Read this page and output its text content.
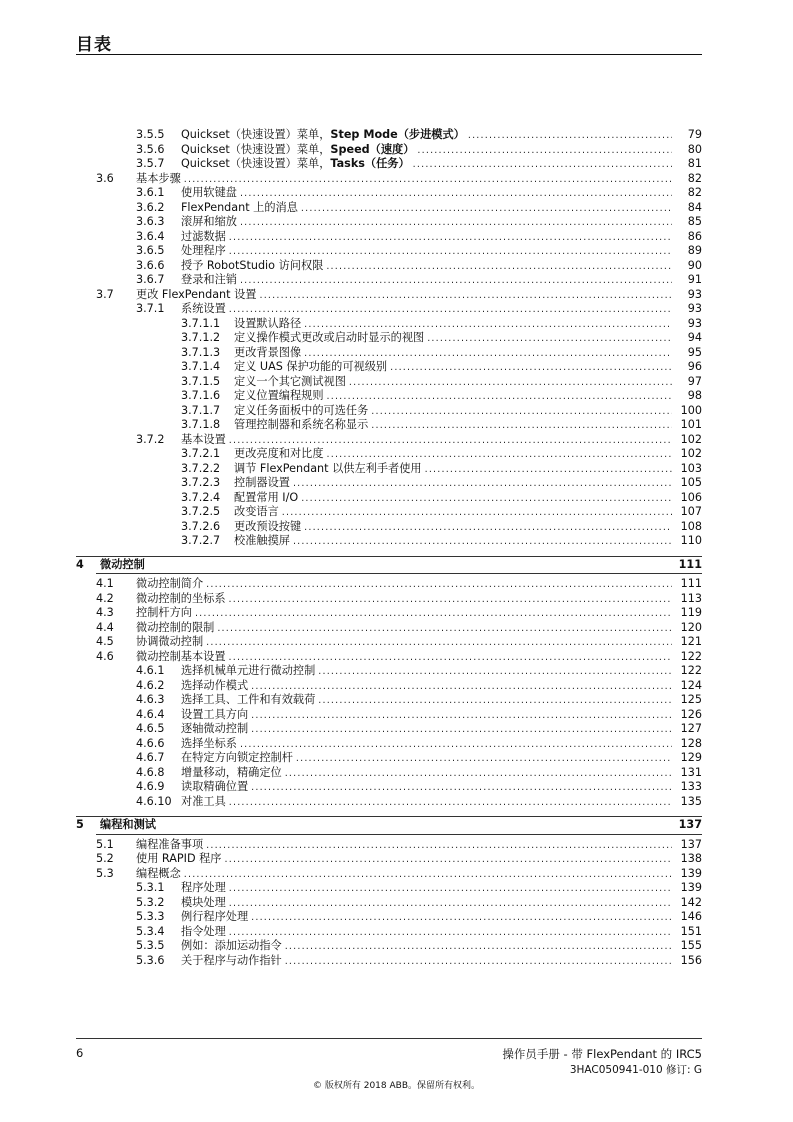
目表
3.5.5 Quickset（快速设置）菜单，Step Mode（步进模式） .....	79
3.5.6 Quickset（快速设置）菜单，Speed（速度） .....	80
3.5.7 Quickset（快速设置）菜单，Tasks（任务） .....	81
3.6 基本步骤 .....	82
3.6.1 使用软键盘 .....	82
3.6.2 FlexPendant 上的消息 .....	84
3.6.3 滚屏和缩放 .....	85
3.6.4 过滤数据 .....	86
3.6.5 处理程序 .....	89
3.6.6 授予 RobotStudio 访问权限 .....	90
3.6.7 登录和注销 .....	91
3.7 更改 FlexPendant 设置 .....	93
3.7.1 系统设置 .....	93
3.7.1.1 设置默认路径 .....	93
3.7.1.2 定义操作模式更改或启动时显示的视图 .....	94
3.7.1.3 更改背景图像 .....	95
3.7.1.4 定义 UAS 保护功能的可视级别 .....	96
3.7.1.5 定义一个其它测试视图 .....	97
3.7.1.6 定义位置编程规则 .....	98
3.7.1.7 定义任务面板中的可选任务 .....	100
3.7.1.8 管理控制器和系统名称显示 .....	101
3.7.2 基本设置 .....	102
3.7.2.1 更改亮度和对比度 .....	102
3.7.2.2 调节 FlexPendant 以供左利手者使用 .....	103
3.7.2.3 控制器设置 .....	105
3.7.2.4 配置常用 I/O .....	106
3.7.2.5 改变语言 .....	107
3.7.2.6 更改预设按键 .....	108
3.7.2.7 校准触摸屏 .....	110
4 微动控制	111
4.1 微动控制简介 .....	111
4.2 微动控制的坐标系 .....	113
4.3 控制杆方向 .....	119
4.4 微动控制的限制 .....	120
4.5 协调微动控制 .....	121
4.6 微动控制基本设置 .....	122
4.6.1 选择机械单元进行微动控制 .....	122
4.6.2 选择动作模式 .....	124
4.6.3 选择工具、工件和有效载荷 .....	125
4.6.4 设置工具方向 .....	126
4.6.5 逐轴微动控制 .....	127
4.6.6 选择坐标系 .....	128
4.6.7 在特定方向锁定控制杆 .....	129
4.6.8 增量移动，精确定位 .....	131
4.6.9 读取精确位置 .....	133
4.6.10 对准工具 .....	135
5 编程和测试	137
5.1 编程准备事项 .....	137
5.2 使用 RAPID 程序 .....	138
5.3 编程概念 .....	139
5.3.1 程序处理 .....	139
5.3.2 模块处理 .....	142
5.3.3 例行程序处理 .....	146
5.3.4 指令处理 .....	151
5.3.5 例如：添加运动指令 .....	155
5.3.6 关于程序与动作指针 .....	156
6	操作员手册 - 带 FlexPendant 的 IRC5
3HAC050941-010 修订: G
© 版权所有 2018 ABB。保留所有权利。
